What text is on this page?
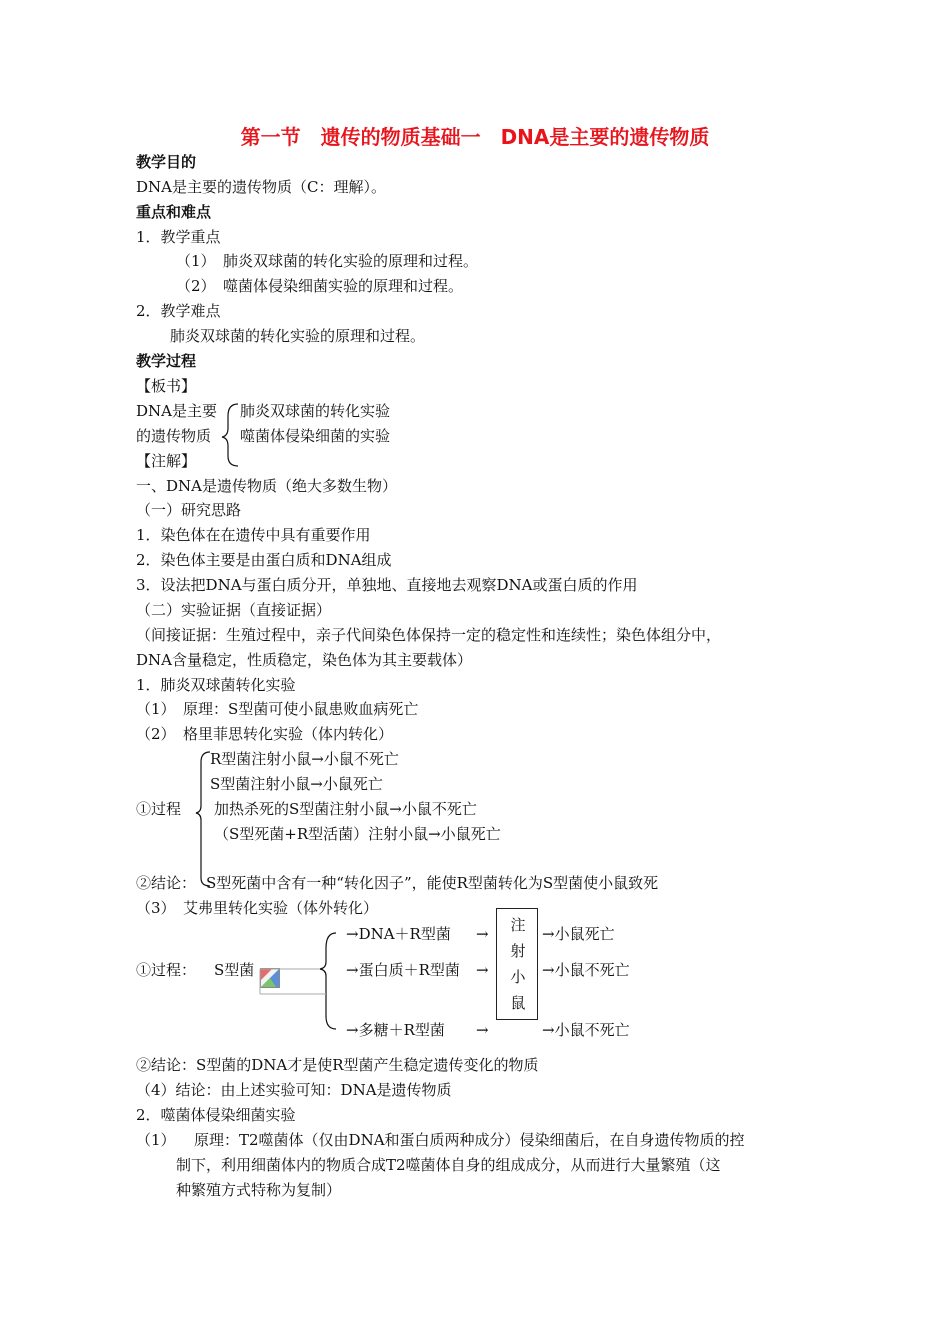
第一节　遗传的物质基础一　DNA是主要的遗传物质
教学目的
DNA是主要的遗传物质（C：理解）。
重点和难点
1．教学重点
（1）　肺炎双球菌的转化实验的原理和过程。
（2）　噬菌体侵染细菌实验的原理和过程。
2．教学难点
肺炎双球菌的转化实验的原理和过程。
教学过程
【板书】
DNA是主要
的遗传物质
肺炎双球菌的转化实验
噬菌体侵染细菌的实验
【注解】
一、DNA是遗传物质（绝大多数生物）
（一）研究思路
1．染色体在在遗传中具有重要作用
2．染色体主要是由蛋白质和DNA组成
3．设法把DNA与蛋白质分开，单独地、直接地去观察DNA或蛋白质的作用
（二）实验证据（直接证据）
（间接证据：生殖过程中，亲子代间染色体保持一定的稳定性和连续性；染色体组分中，
DNA含量稳定，性质稳定，染色体为其主要载体）
1．肺炎双球菌转化实验
（1）　原理：S型菌可使小鼠患败血病死亡
（2）　格里菲思转化实验（体内转化）
R型菌注射小鼠→小鼠不死亡
S型菌注射小鼠→小鼠死亡
①过程 加热杀死的S型菌注射小鼠→小鼠不死亡
（S型死菌+R型活菌）注射小鼠→小鼠死亡
②结论： S型死菌中含有一种“转化因子”，能使R型菌转化为S型菌使小鼠致死
（3）　艾弗里转化实验（体外转化）
①过程： S型菌
→DNA＋R型菌
→蛋白质＋R型菌
→多糖＋R型菌
→
→
→
注
射
小
鼠
→小鼠死亡
→小鼠不死亡
→小鼠不死亡
②结论：S型菌的DNA才是使R型菌产生稳定遗传变化的物质
（4）结论：由上述实验可知：DNA是遗传物质
2．噬菌体侵染细菌实验
（1） 原理：T2噬菌体（仅由DNA和蛋白质两种成分）侵染细菌后，在自身遗传物质的控
制下，利用细菌体内的物质合成T2噬菌体自身的组成成分，从而进行大量繁殖（这
种繁殖方式特称为复制）
